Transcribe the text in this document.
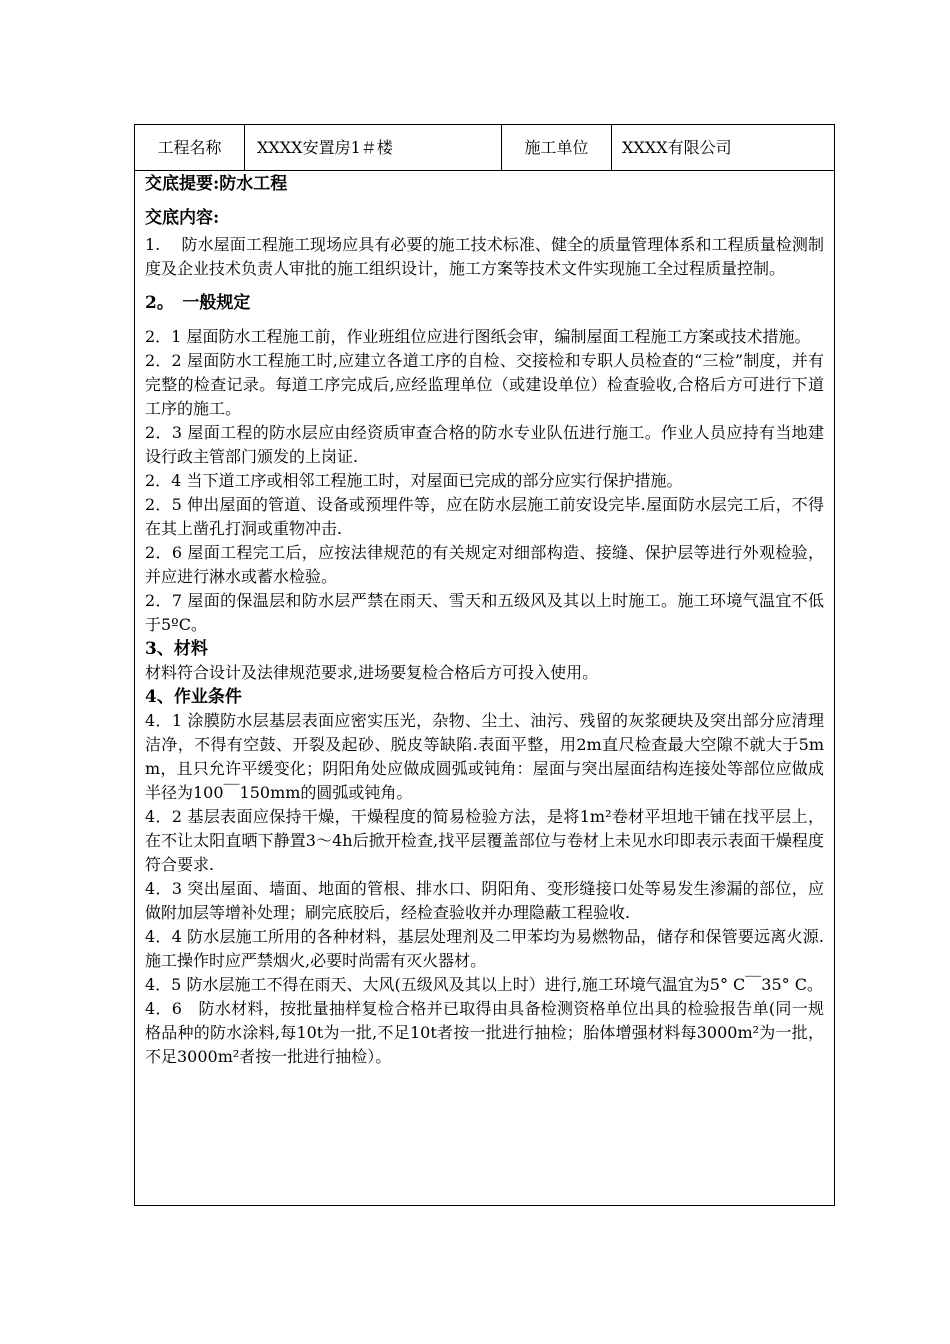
工程名称	XXXX安置房1＃楼	施工单位	XXXX有限公司
交底提要:防水工程
交底内容:

1.　 防水屋面工程施工现场应具有必要的施工技术标准、健全的质量管理体系和工程质量检测制度及企业技术负责人审批的施工组织设计，施工方案等技术文件实现施工全过程质量控制。

2。　一般规定

2．1 屋面防水工程施工前，作业班组位应进行图纸会审，编制屋面工程施工方案或技术措施。

2．2 屋面防水工程施工时,应建立各道工序的自检、交接检和专职人员检查的“三检”制度，并有完整的检查记录。每道工序完成后,应经监理单位（或建设单位）检查验收,合格后方可进行下道工序的施工。

2．3 屋面工程的防水层应由经资质审查合格的防水专业队伍进行施工。作业人员应持有当地建设行政主管部门颁发的上岗证.

2．4 当下道工序或相邻工程施工时，对屋面已完成的部分应实行保护措施。

2．5 伸出屋面的管道、设备或预埋件等，应在防水层施工前安设完毕.屋面防水层完工后，不得在其上凿孔打洞或重物冲击.

2．6 屋面工程完工后，应按法律规范的有关规定对细部构造、接缝、保护层等进行外观检验，并应进行淋水或蓄水检验。

2．7 屋面的保温层和防水层严禁在雨天、雪天和五级风及其以上时施工。施工环境气温宜不低于5ºC。

3、材料

材料符合设计及法律规范要求,进场要复检合格后方可投入使用。

4、作业条件

4．1 涂膜防水层基层表面应密实压光，杂物、尘土、油污、残留的灰浆硬块及突出部分应清理洁净，不得有空鼓、开裂及起砂、脱皮等缺陷.表面平整，用2m直尺检查最大空隙不就大于5mm，且只允许平缓变化；阴阳角处应做成圆弧或钝角：屋面与突出屋面结构连接处等部位应做成半径为100￣150mm的圆弧或钝角。

4．2 基层表面应保持干燥，干燥程度的简易检验方法，是将1m²卷材平坦地干铺在找平层上，在不让太阳直晒下静置3～4h后掀开检查,找平层覆盖部位与卷材上未见水印即表示表面干燥程度符合要求.

4．3 突出屋面、墙面、地面的管根、排水口、阴阳角、变形缝接口处等易发生渗漏的部位，应做附加层等增补处理；刷完底胶后，经检查验收并办理隐蔽工程验收.

4．4 防水层施工所用的各种材料，基层处理剂及二甲苯均为易燃物品，储存和保管要远离火源.施工操作时应严禁烟火,必要时尚需有灭火器材。

4．5 防水层施工不得在雨天、大风(五级风及其以上时）进行,施工环境气温宜为5° C￣35° C。

4．6　防水材料，按批量抽样复检合格并已取得由具备检测资格单位出具的检验报告单(同一规格品种的防水涂料,每10t为一批,不足10t者按一批进行抽检；胎体增强材料每3000m²为一批，不足3000m²者按一批进行抽检）。
